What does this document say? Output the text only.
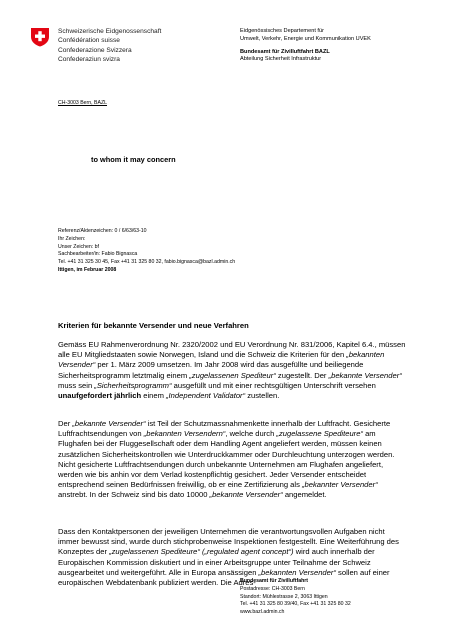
Schweizerische Eidgenossenschaft
Confédération suisse
Confederazione Svizzera
Confederaziun svizra
Eidgenössisches Departement für
Umwelt, Verkehr, Energie und Kommunikation UVEK
Bundesamt für Zivilluftfahrt BAZL
Abteilung Sicherheit Infrastruktur
CH-3003 Bern, BAZL
to whom it may concern
Referenz/Aktenzeichen: 0 / 6/63/63-10
Ihr Zeichen:
Unser Zeichen: bf
Sachbearbeiter/in: Fabio Bignasca
Tel. +41 31 325 30 45, Fax +41 31 325 80 32, fabio.bignasca@bazl.admin.ch
Ittigen, im Februar 2008
Kriterien für bekannte Versender und neue Verfahren
Gemäss EU Rahmenverordnung Nr. 2320/2002 und EU Verordnung Nr. 831/2006, Kapitel 6.4., müssen alle EU Mitgliedstaaten sowie Norwegen, Island und die Schweiz die Kriterien für den „bekannten Versender“ per 1. März 2009 umsetzen. Im Jahr 2008 wird das ausgefüllte und beiliegende Sicherheitsprogramm letztmalig einem „zugelassenen Spediteur“ zugestellt. Der „bekannte Versender“ muss sein „Sicherheitsprogramm“ ausgefüllt und mit einer rechtsgültigen Unterschrift versehen unaufgefordert jährlich einem „Independent Validator“ zustellen.
Der „bekannte Versender“ ist Teil der Schutzmassnahmenkette innerhalb der Luftfracht. Gesicherte Luftfrachtsendungen von „bekannten Versendern“, welche durch „zugelassene Spediteure“ am Flughafen bei der Fluggesellschaft oder dem Handling Agent angeliefert werden, müssen keinen zusätzlichen Sicherheitskontrollen wie Unterdruckkammer oder Durchleuchtung unterzogen werden. Nicht gesicherte Luftfrachtsendungen durch unbekannte Unternehmen am Flughafen angeliefert, werden wie bis anhin vor dem Verlad kostenpflichtig gesichert. Jeder Versender entscheidet entsprechend seinen Bedürfnissen freiwillig, ob er eine Zertifizierung als „bekannter Versender“ anstrebt. In der Schweiz sind bis dato 10000 „bekannte Versender“ angemeldet.
Dass den Kontaktpersonen der jeweiligen Unternehmen die verantwortungsvollen Aufgaben nicht immer bewusst sind, wurde durch stichprobenweise Inspektionen festgestellt. Eine Weiterführung des Konzeptes der „zugelassenen Spediteure“ („regulated agent concept“) wird auch innerhalb der Europäischen Kommission diskutiert und in einer Arbeitsgruppe unter Teilnahme der Schweiz ausgearbeitet und weitergeführt. Alle in Europa ansässigen „bekannten Versender“ sollen auf einer europäischen Webdatenbank publiziert werden. Die Adres-
Bundesamt für Zivilluftfahrt
Postadresse: CH-3003 Bern
Standort: Mühlestrasse 2, 3063 Ittigen
Tel. +41 31 325 80 39/40, Fax +41 31 325 80 32
www.bazl.admin.ch
